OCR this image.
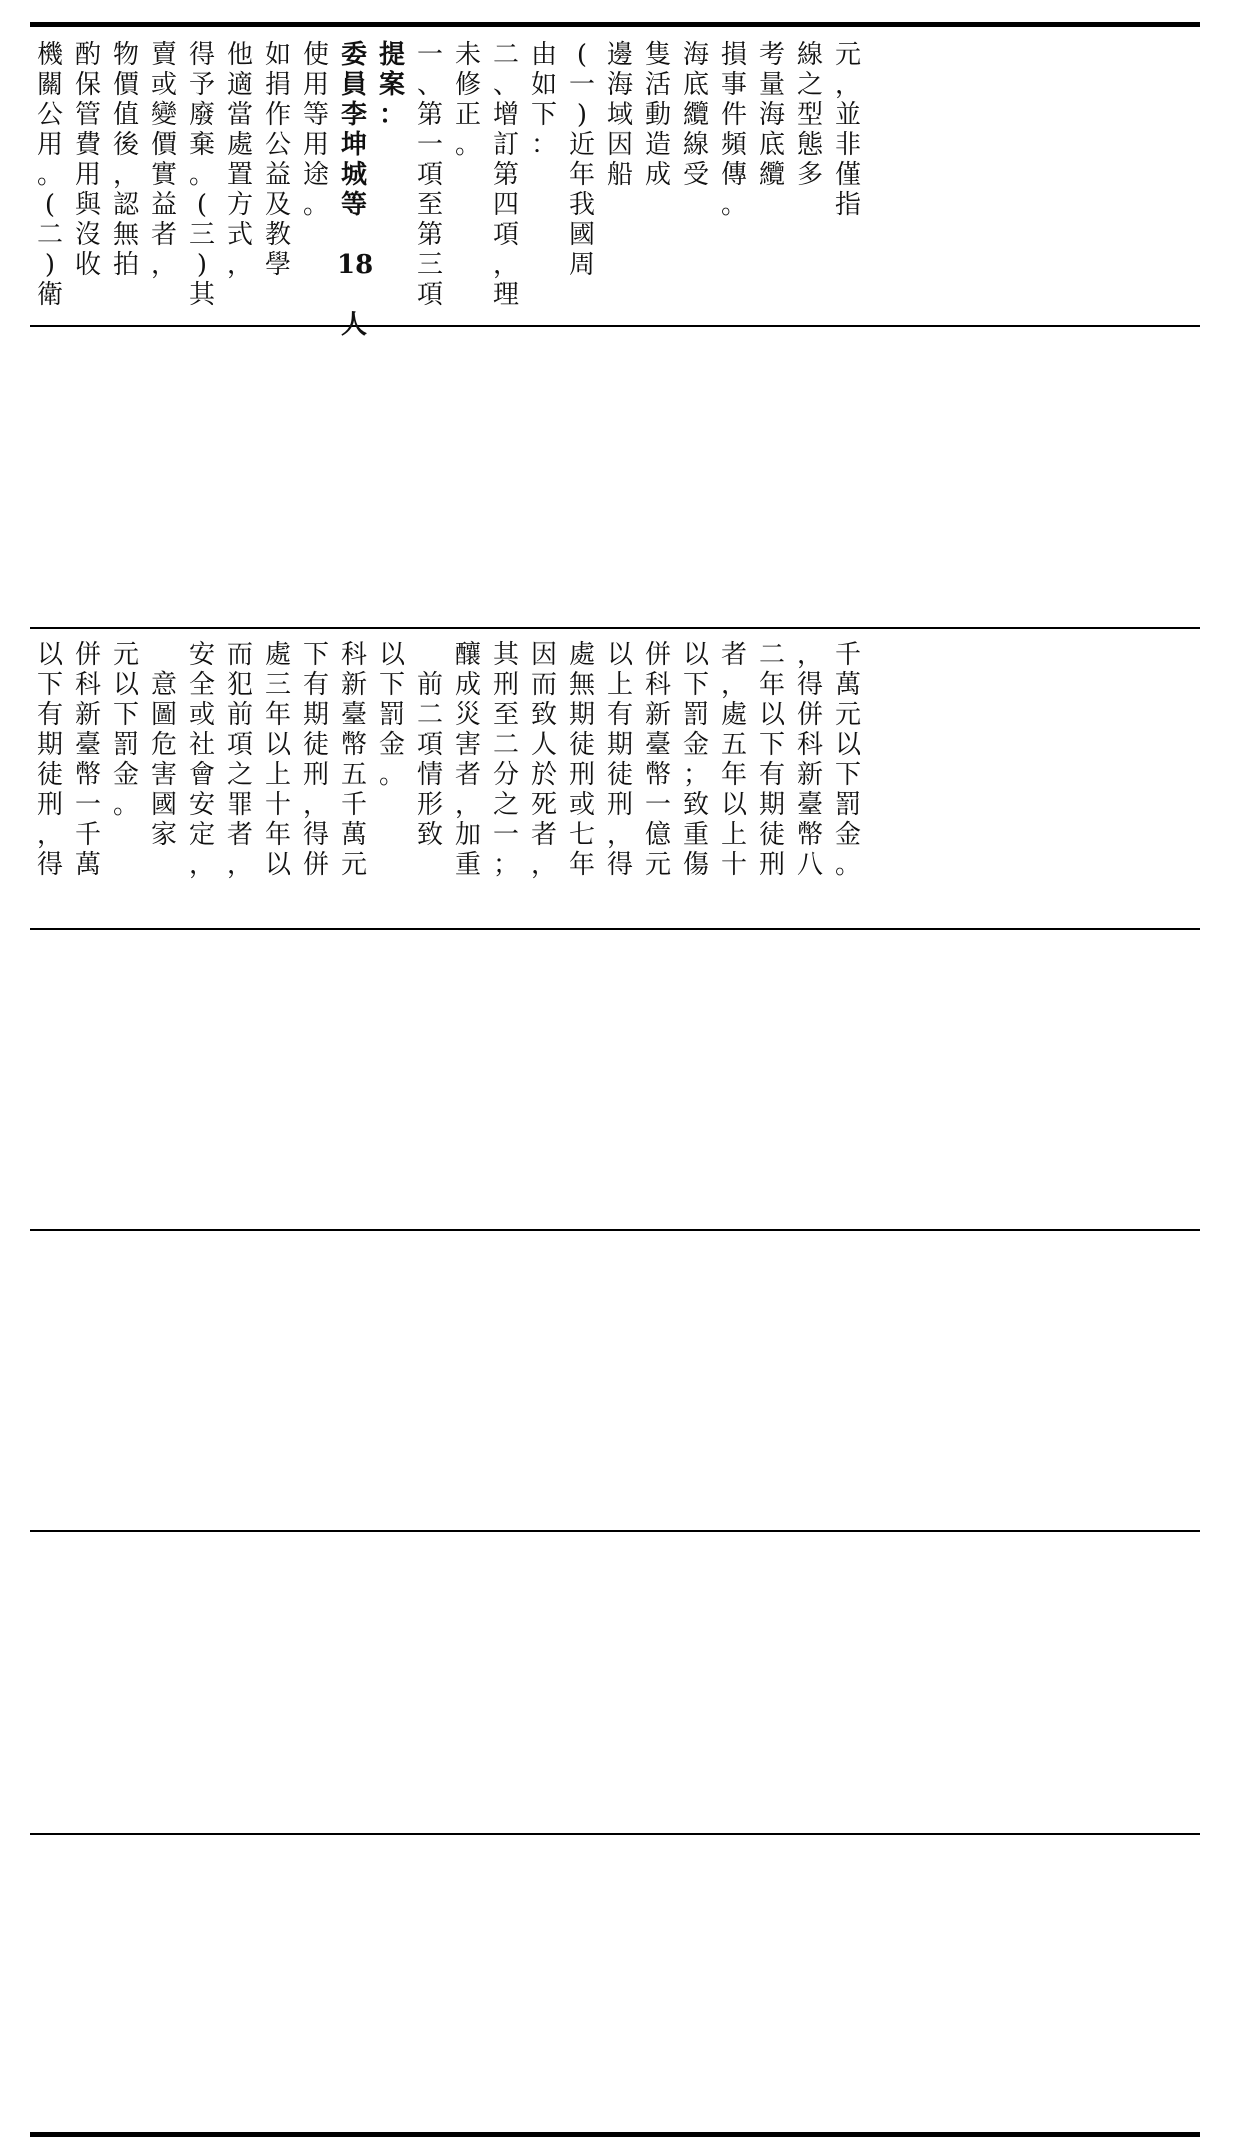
機
關
公
用
。
(
二
)
衛
酌
保
管
費
用
與
沒
收
物
價
值
後
，
認
無
拍
賣
或
變
價
實
益
者
，
得
予
廢
棄
。
(
三
)
其
他
適
當
處
置
方
式
，
如
捐
作
公
益
及
教
學
使
用
等
用
途
。
委
員
李
坤
城
等
18
人
提
案
：
一
、
第
一
項
至
第
三
項
未
修
正
。
二
、
增
訂
第
四
項
，
理
由
如
下
：
(
一
)
近
年
我
國
周
邊
海
域
因
船
隻
活
動
造
成
海
底
纜
線
受
損
事
件
頻
傳
。
考
量
海
底
纜
線
之
型
態
多
元
，
並
非
僅
指
以
下
有
期
徒
刑
，
得
併
科
新
臺
幣
一
千
萬
元
以
下
罰
金
。

意
圖
危
害
國
家
安
全
或
社
會
安
定
，
而
犯
前
項
之
罪
者
，
處
三
年
以
上
十
年
以
下
有
期
徒
刑
，
得
併
科
新
臺
幣
五
千
萬
元
以
下
罰
金
。

前
二
項
情
形
致
釀
成
災
害
者
，
加
重
其
刑
至
二
分
之
一
；
因
而
致
人
於
死
者
，
處
無
期
徒
刑
或
七
年
以
上
有
期
徒
刑
，
得
併
科
新
臺
幣
一
億
元
以
下
罰
金
；
致
重
傷
者
，
處
五
年
以
上
十
二
年
以
下
有
期
徒
刑
，
得
併
科
新
臺
幣
八
千
萬
元
以
下
罰
金
。
